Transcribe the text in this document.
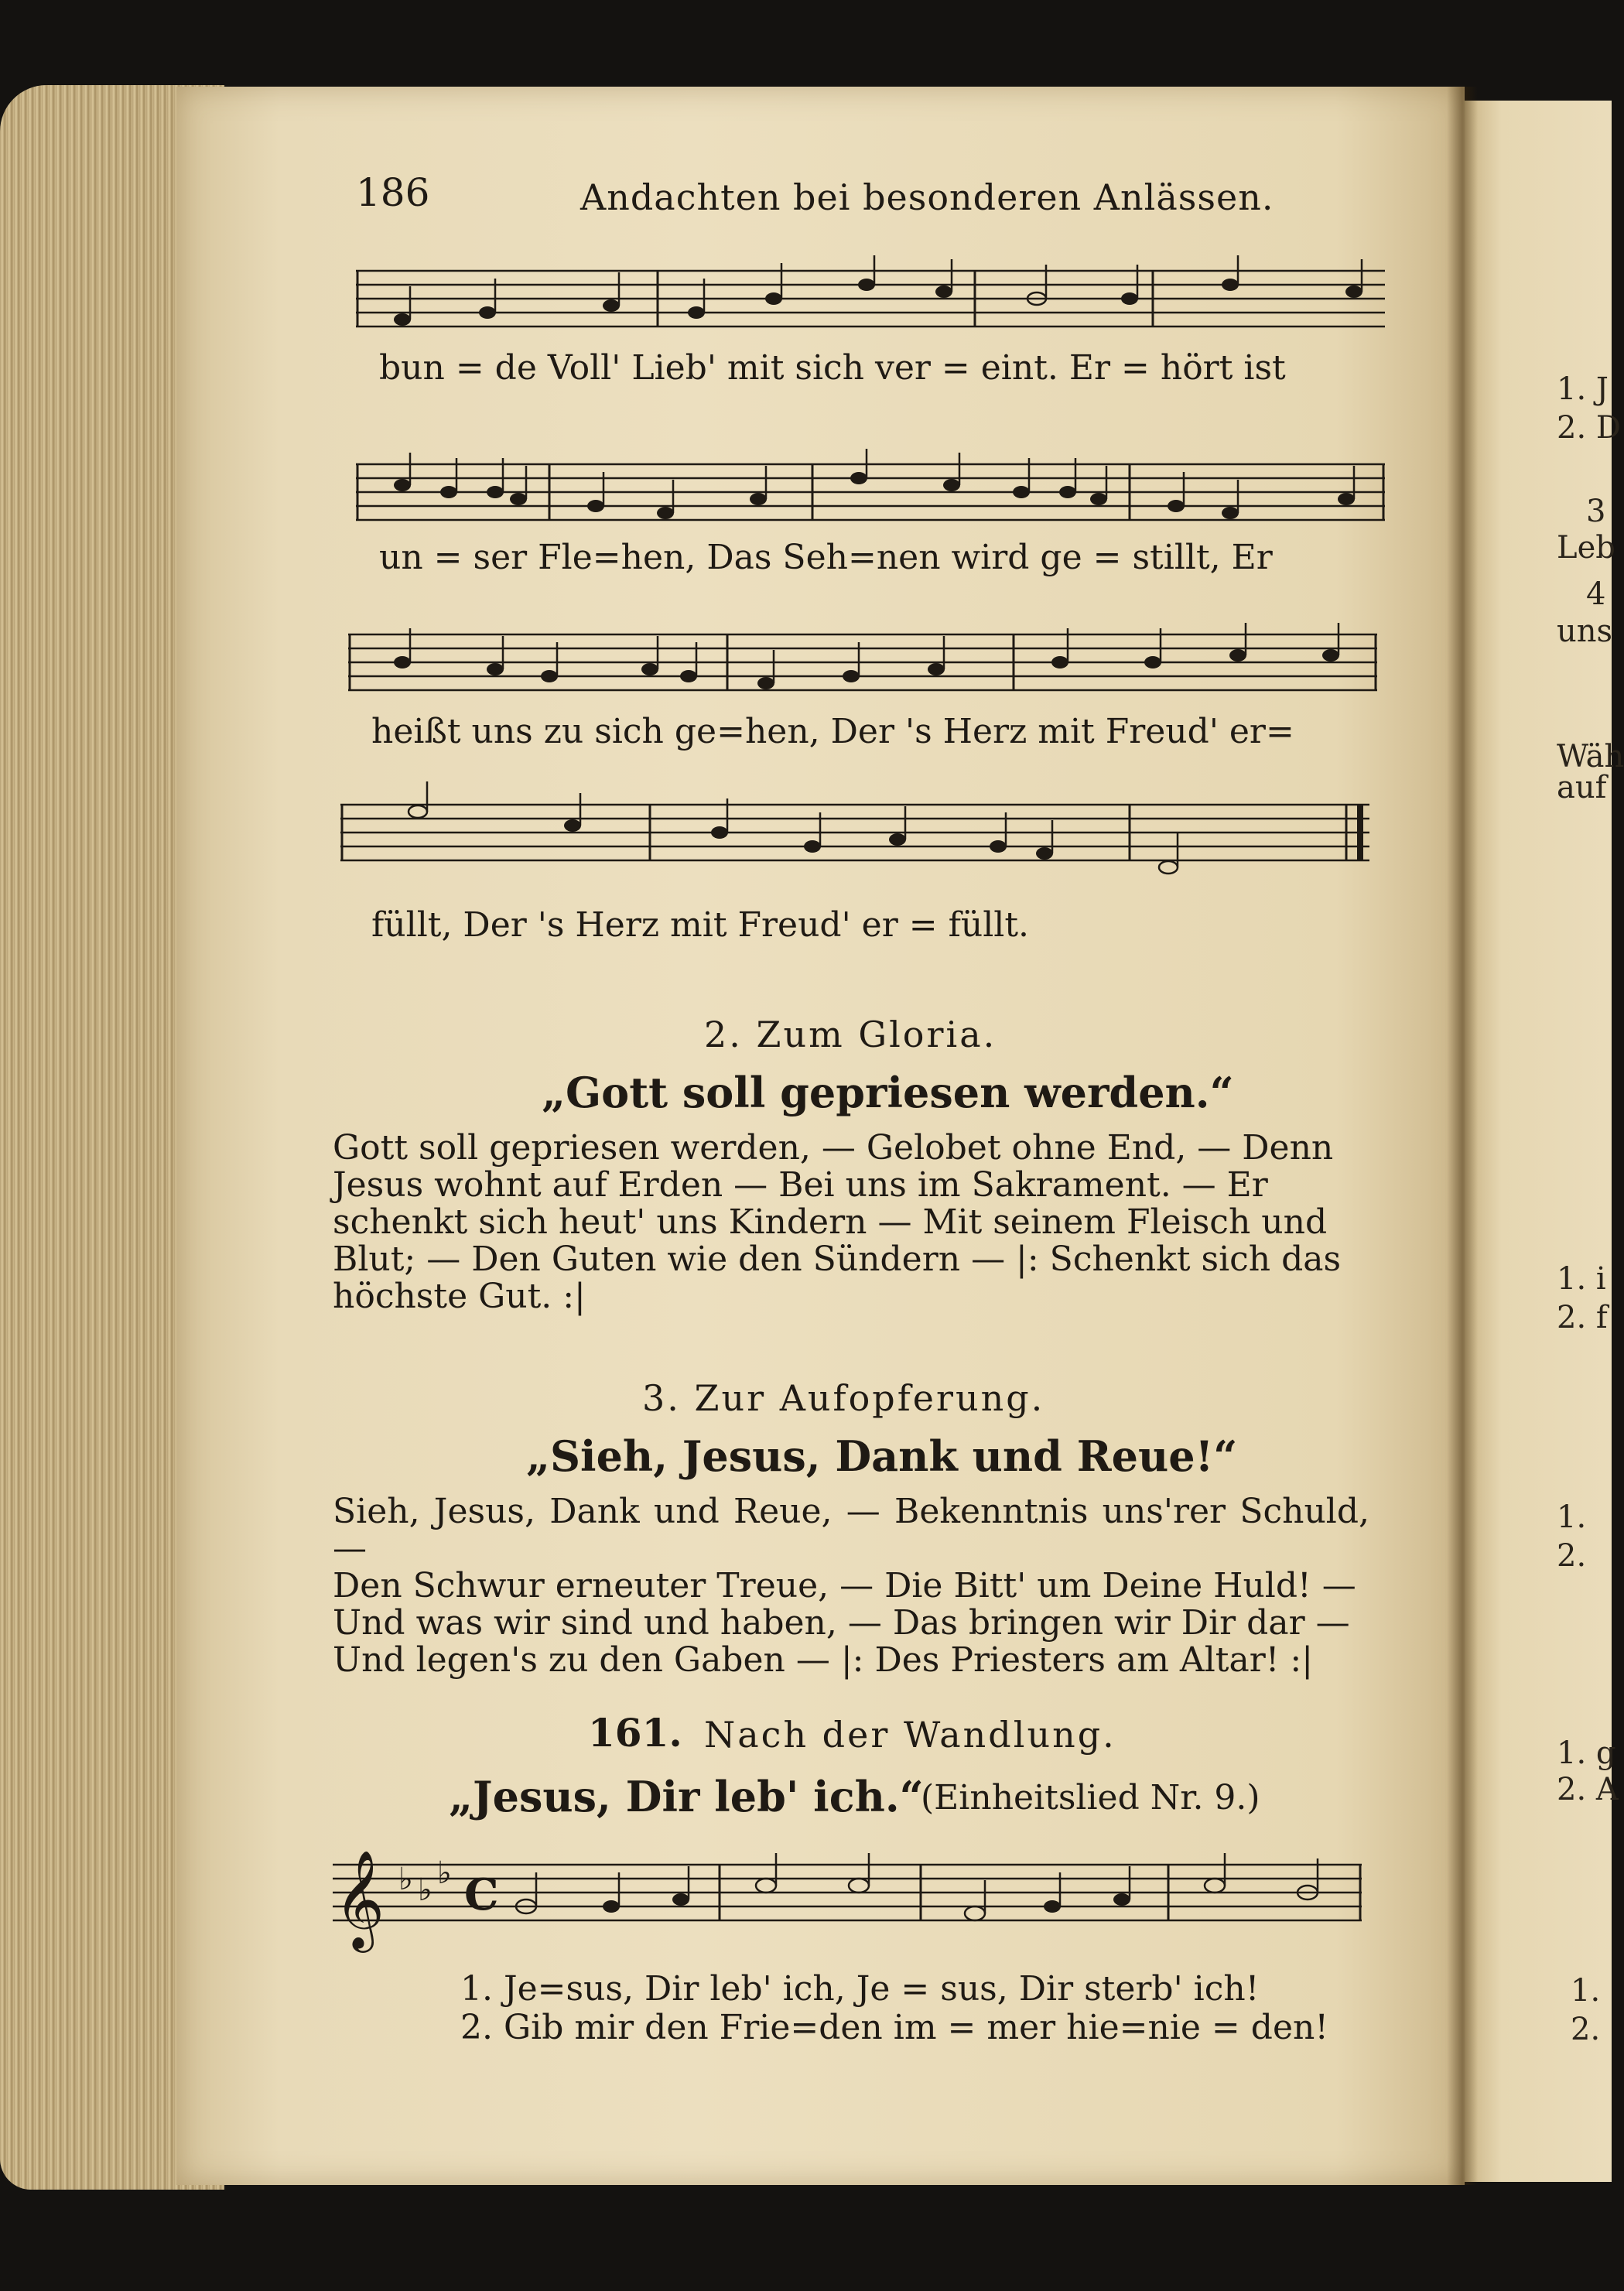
186	Andachten bei besonderen Anlässen.
bun = de Voll' Lieb' mit sich ver = eint. Er = hört ist
un = ser Fle=hen, Das Seh=nen wird ge = stillt, Er
heißt uns zu sich ge=hen, Der 's Herz mit Freud' er=
füllt, Der 's Herz mit Freud' er = füllt.
2. Zum Gloria.
„Gott soll gepriesen werden.“

Gott soll gepriesen werden, — Gelobet ohne End, — Denn

Jesus wohnt auf Erden — Bei uns im Sakrament. — Er

schenkt sich heut' uns Kindern — Mit seinem Fleisch und

Blut; — Den Guten wie den Sündern — |: Schenkt sich das

höchste Gut. :|

3. Zur Aufopferung.
„Sieh, Jesus, Dank und Reue!“

Sieh, Jesus, Dank und Reue, — Bekenntnis uns'rer Schuld, —

Den Schwur erneuter Treue, — Die Bitt' um Deine Huld! —

Und was wir sind und haben, — Das bringen wir Dir dar —

Und legen's zu den Gaben — |: Des Priesters am Altar! :|

161. Nach der Wandlung.
„Jesus, Dir leb' ich.“
(Einheitslied Nr. 9.)
𝄞 ♭ ♭ ♭ C
1. Je=sus, Dir leb' ich, Je = sus, Dir sterb' ich!
2. Gib mir den Frie=den im = mer hie=nie = den!
1. J
2. D
3
Leb
4
uns
Wäh
auf
1. i
2. f
1.
2.
1. g
2. A
1.
2.
